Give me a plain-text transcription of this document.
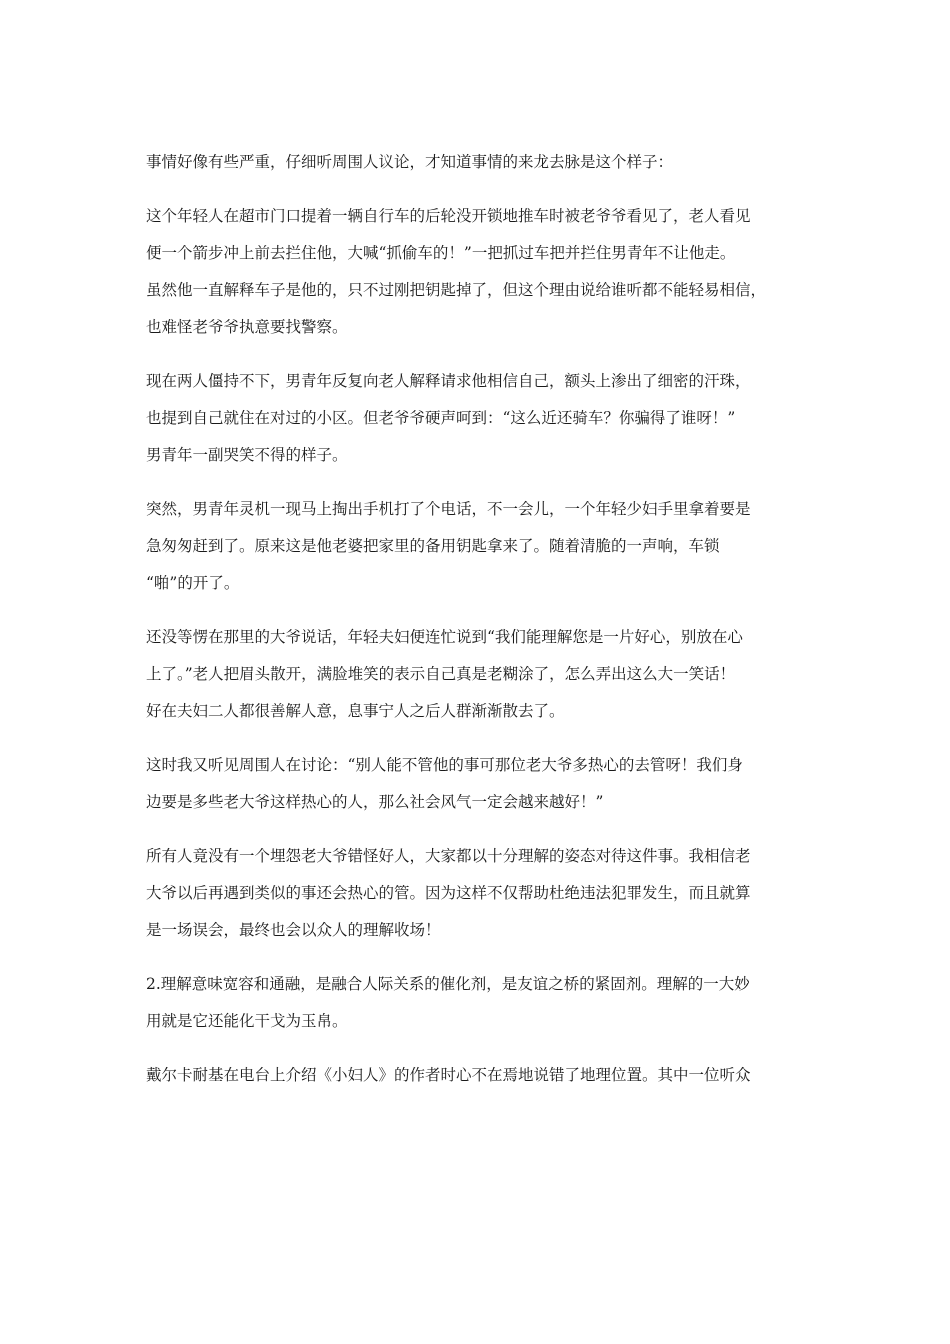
事情好像有些严重，仔细听周围人议论，才知道事情的来龙去脉是这个样子：
这个年轻人在超市门口提着一辆自行车的后轮没开锁地推车时被老爷爷看见了，老人看见
便一个箭步冲上前去拦住他，大喊“抓偷车的！”一把抓过车把并拦住男青年不让他走。
虽然他一直解释车子是他的，只不过刚把钥匙掉了，但这个理由说给谁听都不能轻易相信，
也难怪老爷爷执意要找警察。
现在两人僵持不下，男青年反复向老人解释请求他相信自己，额头上渗出了细密的汗珠，
也提到自己就住在对过的小区。但老爷爷硬声呵到：“这么近还骑车？你骗得了谁呀！”
男青年一副哭笑不得的样子。
突然，男青年灵机一现马上掏出手机打了个电话，不一会儿，一个年轻少妇手里拿着要是
急匆匆赶到了。原来这是他老婆把家里的备用钥匙拿来了。随着清脆的一声响，车锁
“啪”的开了。
还没等愣在那里的大爷说话，年轻夫妇便连忙说到“我们能理解您是一片好心，别放在心
上了。”老人把眉头散开，满脸堆笑的表示自己真是老糊涂了，怎么弄出这么大一笑话！
好在夫妇二人都很善解人意，息事宁人之后人群渐渐散去了。
这时我又听见周围人在讨论：“别人能不管他的事可那位老大爷多热心的去管呀！我们身
边要是多些老大爷这样热心的人，那么社会风气一定会越来越好！”
所有人竟没有一个埋怨老大爷错怪好人，大家都以十分理解的姿态对待这件事。我相信老
大爷以后再遇到类似的事还会热心的管。因为这样不仅帮助杜绝违法犯罪发生，而且就算
是一场误会，最终也会以众人的理解收场！
2.理解意味宽容和通融，是融合人际关系的催化剂，是友谊之桥的紧固剂。理解的一大妙
用就是它还能化干戈为玉帛。
戴尔卡耐基在电台上介绍《小妇人》的作者时心不在焉地说错了地理位置。其中一位听众
